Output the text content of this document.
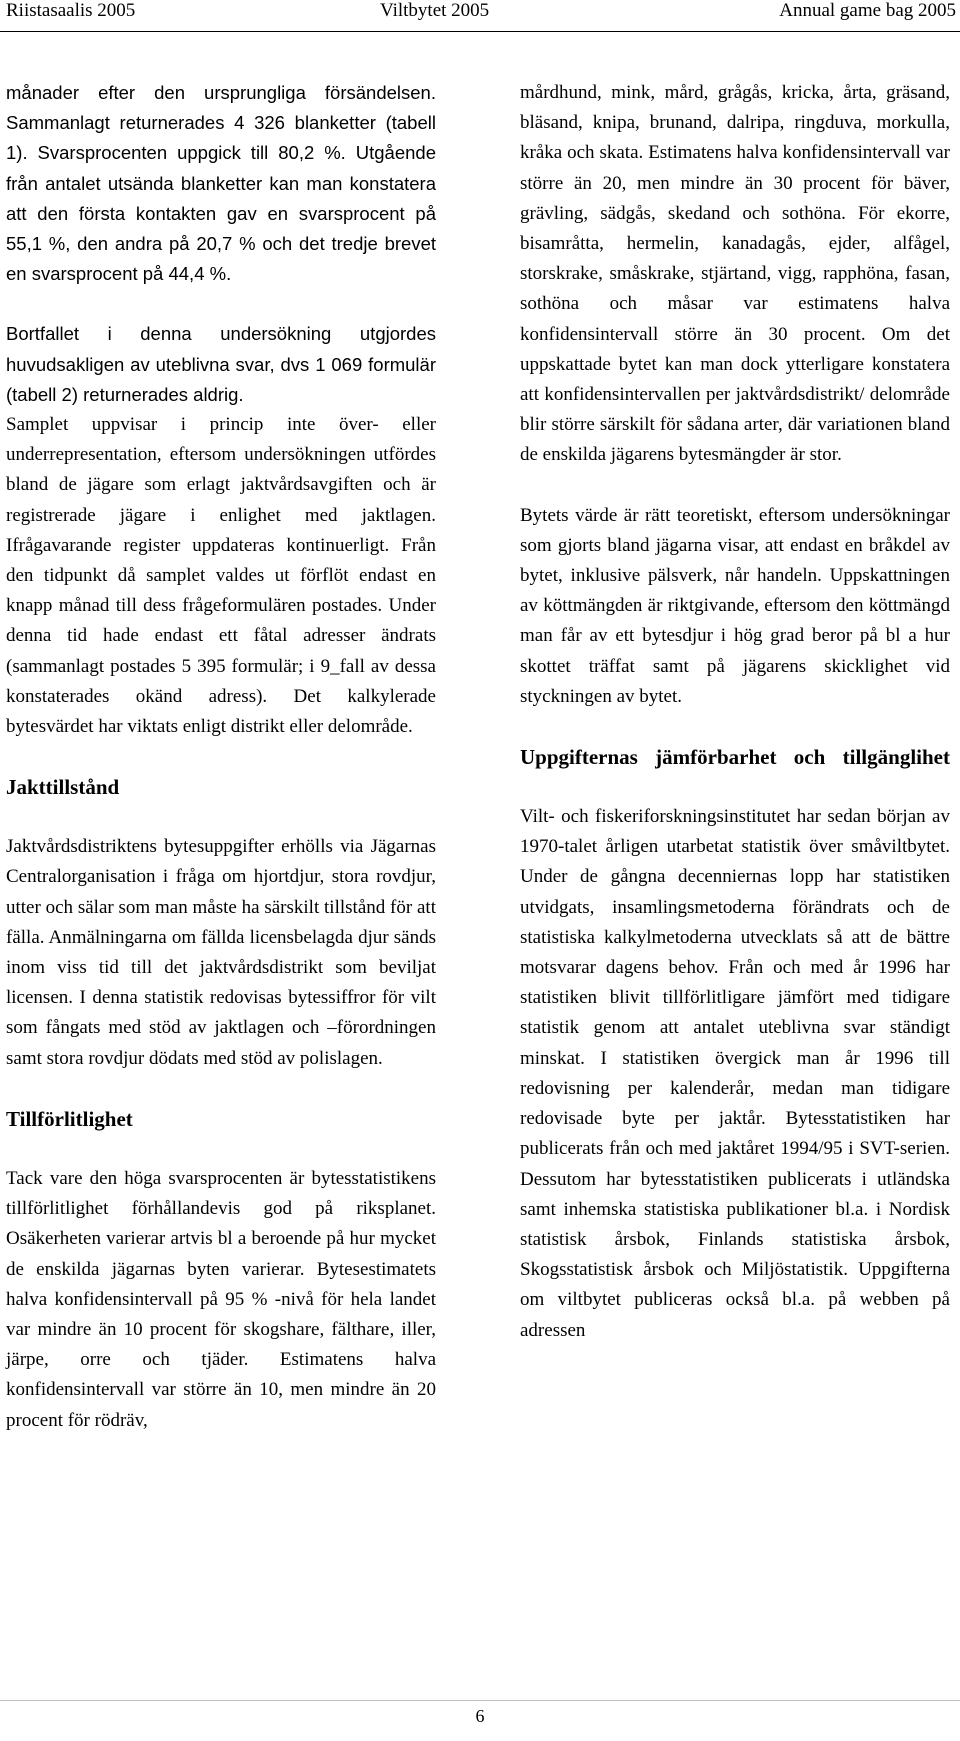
Riistasaalis 2005	Viltbytet 2005	Annual game bag 2005

månader efter den ursprungliga försändelsen. Sammanlagt returnerades 4 326 blanketter (tabell 1). Svarsprocenten uppgick till 80,2 %. Utgående från antalet utsända blanketter kan man konstatera att den första kontakten gav en svarsprocent på 55,1 %, den andra på 20,7 % och det tredje brevet en svarsprocent på 44,4 %.

Bortfallet i denna undersökning utgjordes huvudsakligen av uteblivna svar, dvs 1 069 formulär (tabell 2) returnerades aldrig.

Samplet uppvisar i princip inte över- eller underrepresentation, eftersom undersökningen utfördes bland de jägare som erlagt jaktvårdsavgiften och är registrerade jägare i enlighet med jaktlagen. Ifrågavarande register uppdateras kontinuerligt. Från den tidpunkt då samplet valdes ut förflöt endast en knapp månad till dess frågeformulären postades. Under denna tid hade endast ett fåtal adresser ändrats (sammanlagt postades 5 395 formulär; i 9_fall av dessa konstaterades okänd adress). Det kalkylerade bytesvärdet har viktats enligt distrikt eller delområde.

Jakttillstånd

Jaktvårdsdistriktens bytesuppgifter erhölls via Jägarnas Centralorganisation i fråga om hjortdjur, stora rovdjur, utter och sälar som man måste ha särskilt tillstånd för att fälla. Anmälningarna om fällda licensbelagda djur sänds inom viss tid till det jaktvårdsdistrikt som beviljat licensen. I denna statistik redovisas bytessiffror för vilt som fångats med stöd av jaktlagen och –förordningen samt stora rovdjur dödats med stöd av polislagen.

Tillförlitlighet

Tack vare den höga svarsprocenten är bytesstatistikens tillförlitlighet förhållandevis god på riksplanet. Osäkerheten varierar artvis bl a beroende på hur mycket de enskilda jägarnas byten varierar. Bytesestimatets halva konfidensintervall på 95 % -nivå för hela landet var mindre än 10 procent för skogshare, fälthare, iller, järpe, orre och tjäder. Estimatens halva konfidensintervall var större än 10, men mindre än 20 procent för rödräv,

mårdhund, mink, mård, grågås, kricka, årta, gräsand, bläsand, knipa, brunand, dalripa, ringduva, morkulla, kråka och skata. Estimatens halva konfidensintervall var större än 20, men mindre än 30 procent för bäver, grävling, sädgås, skedand och sothöna. För ekorre, bisamråtta, hermelin, kanadagås, ejder, alfågel, storskrake, småskrake, stjärtand, vigg, rapphöna, fasan, sothöna och måsar var estimatens halva konfidensintervall större än 30 procent. Om det uppskattade bytet kan man dock ytterligare konstatera att konfidensintervallen per jaktvårdsdistrikt/ delområde blir större särskilt för sådana arter, där variationen bland de enskilda jägarens bytesmängder är stor.

Bytets värde är rätt teoretiskt, eftersom undersökningar som gjorts bland jägarna visar, att endast en bråkdel av bytet, inklusive pälsverk, når handeln. Uppskattningen av köttmängden är riktgivande, eftersom den köttmängd man får av ett bytesdjur i hög grad beror på bl a hur skottet träffat samt på jägarens skicklighet vid styckningen av bytet.

Uppgifternas jämförbarhet och tillgänglihet

Vilt- och fiskeriforskningsinstitutet har sedan början av 1970-talet årligen utarbetat statistik över småviltbytet. Under de gångna decenniernas lopp har statistiken utvidgats, insamlingsmetoderna förändrats och de statistiska kalkylmetoderna utvecklats så att de bättre motsvarar dagens behov. Från och med år 1996 har statistiken blivit tillförlitligare jämfört med tidigare statistik genom att antalet uteblivna svar ständigt minskat. I statistiken övergick man år 1996 till redovisning per kalenderår, medan man tidigare redovisade byte per jaktår. Bytesstatistiken har publicerats från och med jaktåret 1994/95 i SVT-serien. Dessutom har bytesstatistiken publicerats i utländska samt inhemska statistiska publikationer bl.a. i Nordisk statistisk årsbok, Finlands statistiska årsbok, Skogsstatistisk årsbok och Miljöstatistik. Uppgifterna om viltbytet publiceras också bl.a. på webben på adressen

6
